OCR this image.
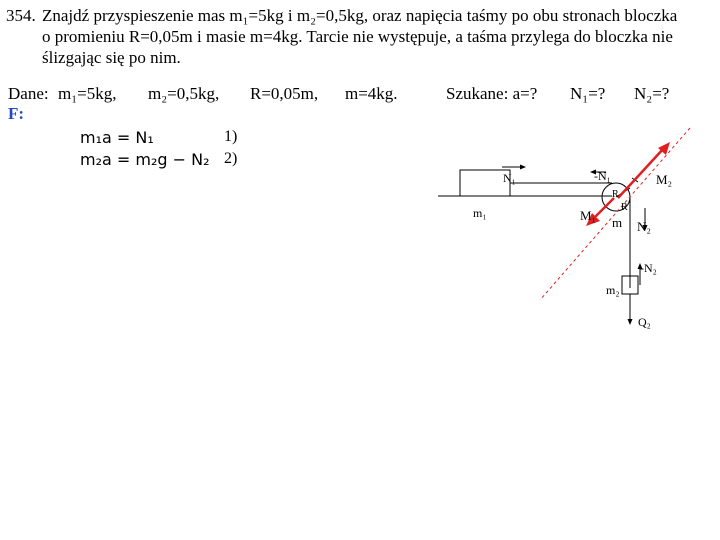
354. Znajdź przyspieszenie mas m₁=5kg i m₂=0,5kg, oraz napięcia taśmy po obu stronach bloczka
o promieniu R=0,05m i masie m=4kg. Tarcie nie występuje, a taśma przylega do bloczka nie
ślizgając się po nim.
Dane: m₁=5kg, m₂=0,5kg, R=0,05m, m=4kg.	Szukane: a=? N₁=? N₂=?
F:
m₁a = N₁	1)
m₂a = m₂g − N₂ 2)
N₁
m₁
-N₁
R
M₁
R
m N₂
M₂
-N₂
m₂
Q₂
